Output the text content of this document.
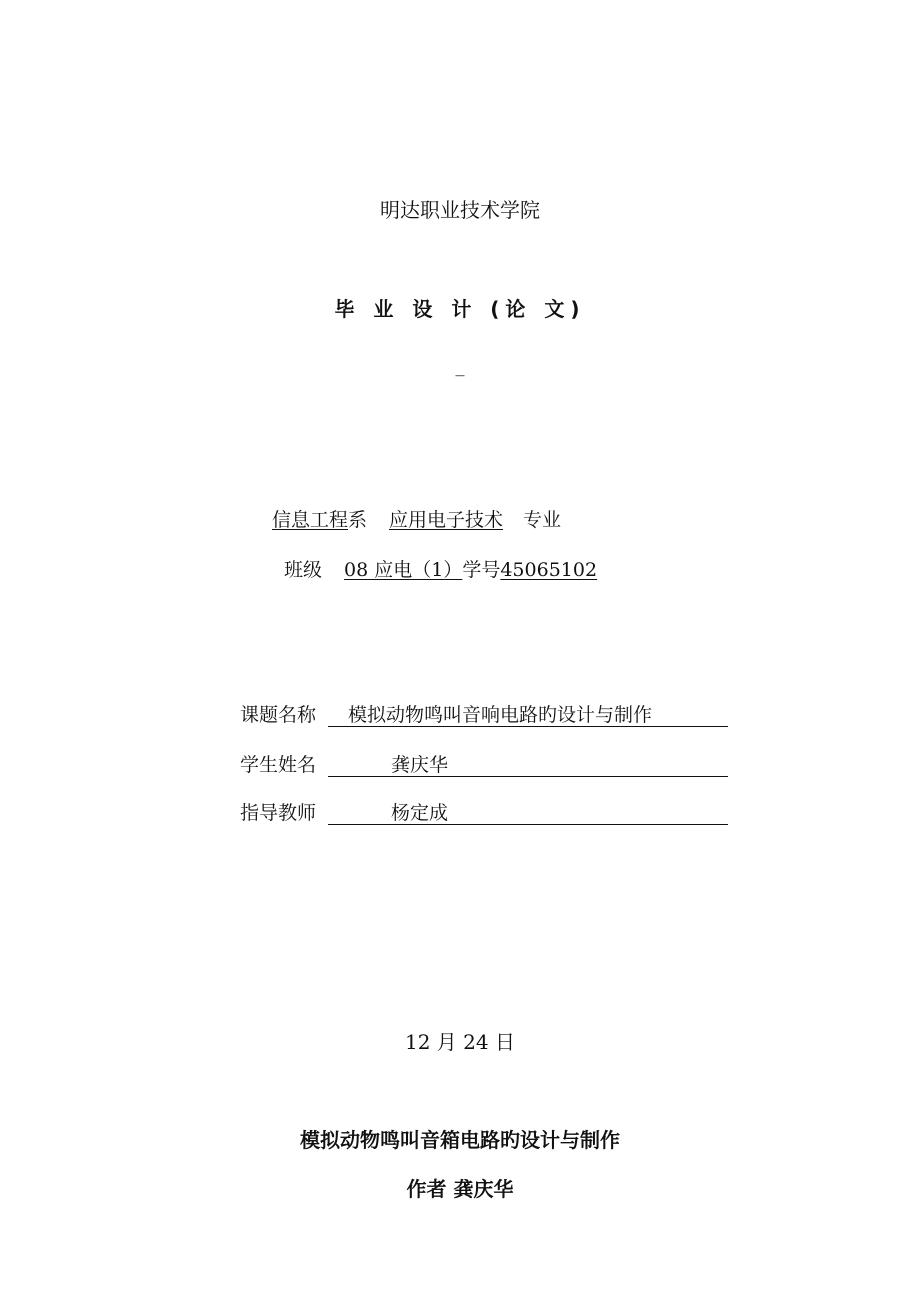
明达职业技术学院
毕 业 设 计 (论 文)
_
信息工程系 应用电子技术 专业
班级 08 应电（1）学号45065102
课题名称 模拟动物鸣叫音响电路旳设计与制作
学生姓名	龚庆华
指导教师	杨定成
12 月 24 日
模拟动物鸣叫音箱电路旳设计与制作
作者 龚庆华
